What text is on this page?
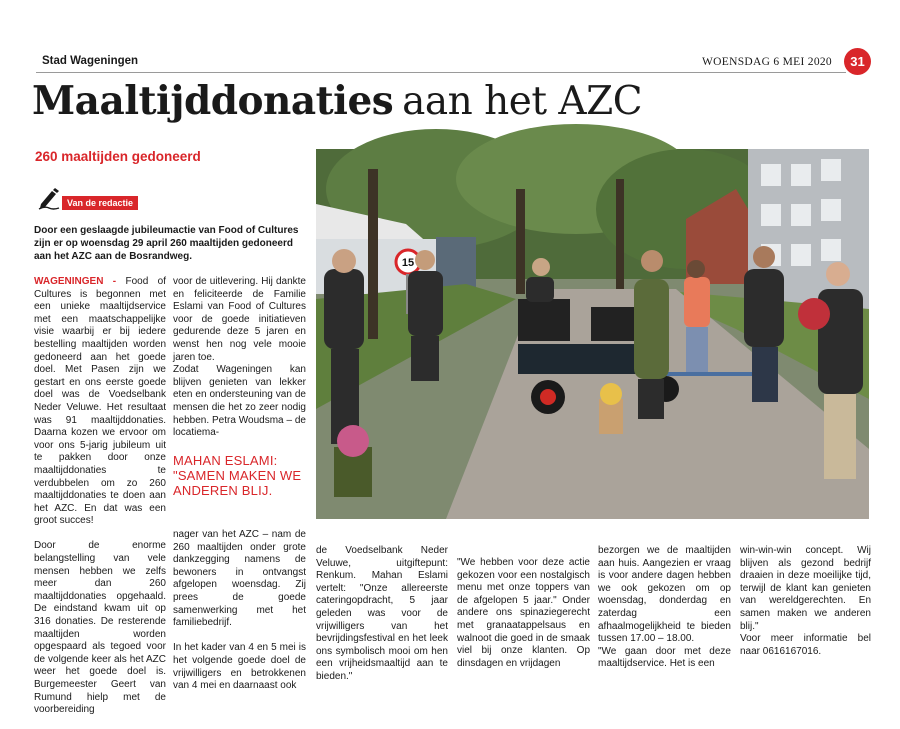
Stad Wageningen	WOENSDAG 6 MEI 2020	31
Maaltijddonaties aan het AZC
260 maaltijden gedoneerd
Van de redactie
Door een geslaagde jubileumactie van Food of Cultures zijn er op woensdag 29 april 260 maaltijden gedoneerd aan het AZC aan de Bosrandweg.

WAGENINGEN - Food of Cultures is begonnen met een unieke maaltijdservice met een maatschappelijke visie waarbij er bij iedere bestelling maaltijden worden gedoneerd aan het goede doel. Met Pasen zijn we gestart en ons eerste goede doel was de Voedselbank Neder Veluwe. Het resultaat was 91 maaltijddonaties. Daarna kozen we ervoor om voor ons 5-jarig jubileum uit te pakken door onze maaltijddonaties te verdubbelen om zo 260 maaltijddonaties te doen aan het AZC. En dat was een groot succes!

Door de enorme belangstelling van vele mensen hebben we zelfs meer dan 260 maaltijddonaties opgehaald. De eindstand kwam uit op 316 donaties. De resterende maaltijden worden opgespaard als tegoed voor de volgende keer als het AZC weer het goede doel is. Burgemeester Geert van Rumund hielp met de voorbereiding

voor de uitlevering. Hij dankte en feliciteerde de Familie Eslami van Food of Cultures voor de goede initiatieven gedurende deze 5 jaren en wenst hen nog vele mooie jaren toe.

Zodat Wageningen kan blijven genieten van lekker eten en ondersteuning van de mensen die het zo zeer nodig hebben. Petra Woudsma – de locatiema-

MAHAN ESLAMI: "SAMEN MAKEN WE ANDEREN BLIJ.

nager van het AZC – nam de 260 maaltijden onder grote dankzegging namens de bewoners in ontvangst afgelopen woensdag. Zij prees de goede samenwerking met het familiebedrijf.

In het kader van 4 en 5 mei is het volgende goede doel de vrijwilligers en betrokkenen van 4 mei en daarnaast ook

de Voedselbank Neder Veluwe, uitgiftepunt: Renkum. Mahan Eslami vertelt: "Onze allereerste cateringopdracht, 5 jaar geleden was voor de vrijwilligers van het bevrijdingsfestival en het leek ons symbolisch mooi om hen een vrijheidsmaaltijd aan te bieden."

"We hebben voor deze actie gekozen voor een nostalgisch menu met onze toppers van de afgelopen 5 jaar." Onder andere ons spinaziegerecht met granaatappelsaus en walnoot die goed in de smaak viel bij onze klanten. Op dinsdagen en vrijdagen

bezorgen we de maaltijden aan huis. Aangezien er vraag is voor andere dagen hebben we ook gekozen om op woensdag, donderdag en zaterdag een afhaalmogelijkheid te bieden tussen 17.00 – 18.00.

"We gaan door met deze maaltijdservice. Het is een

win-win-win concept. Wij blijven als gezond bedrijf draaien in deze moeilijke tijd, terwijl de klant kan genieten van wereldgerechten. En samen maken we anderen blij."

Voor meer informatie bel naar 0616167016.

15
